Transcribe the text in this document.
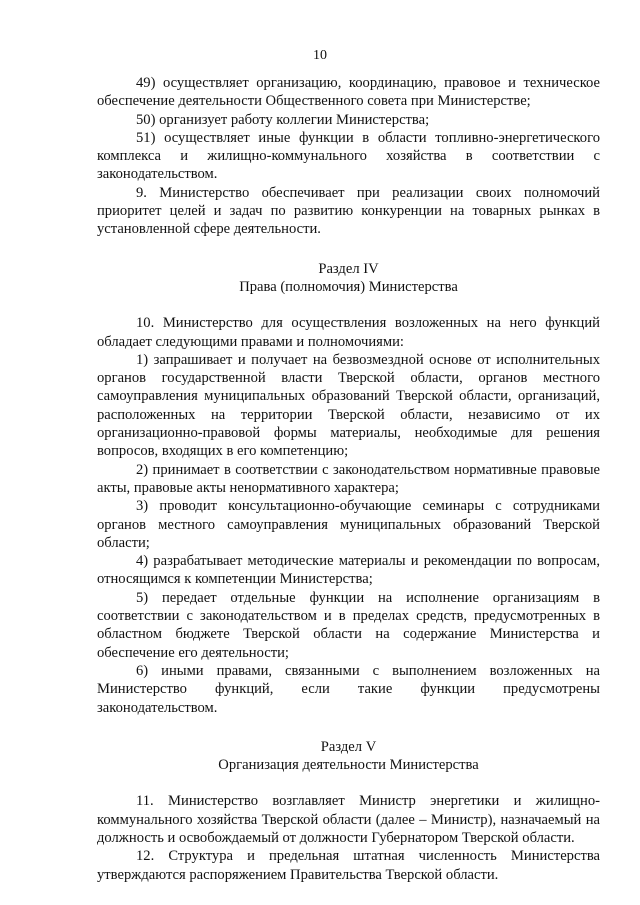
10

49) осуществляет организацию, координацию, правовое и техническое обеспечение деятельности Общественного совета при Министерстве;

50) организует работу коллегии Министерства;

51) осуществляет иные функции в области топливно-энергетического комплекса и жилищно-коммунального хозяйства в соответствии с законодательством.

9. Министерство обеспечивает при реализации своих полномочий приоритет целей и задач по развитию конкуренции на товарных рынках в установленной сфере деятельности.

Раздел IV

Права (полномочия) Министерства

10. Министерство для осуществления возложенных на него функций обладает следующими правами и полномочиями:

1) запрашивает и получает на безвозмездной основе от исполнительных органов государственной власти Тверской области, органов местного самоуправления муниципальных образований Тверской области, организаций, расположенных на территории Тверской области, независимо от их организационно-правовой формы материалы, необходимые для решения вопросов, входящих в его компетенцию;

2) принимает в соответствии с законодательством нормативные правовые акты, правовые акты ненормативного характера;

3) проводит консультационно-обучающие семинары с сотрудниками органов местного самоуправления муниципальных образований Тверской области;

4) разрабатывает методические материалы и рекомендации по вопросам, относящимся к компетенции Министерства;

5) передает отдельные функции на исполнение организациям в соответствии с законодательством и в пределах средств, предусмотренных в областном бюджете Тверской области на содержание Министерства и обеспечение его деятельности;

6) иными правами, связанными с выполнением возложенных на Министерство функций, если такие функции предусмотрены законодательством.

Раздел V

Организация деятельности Министерства

11. Министерство возглавляет Министр энергетики и жилищно-коммунального хозяйства Тверской области (далее – Министр), назначаемый на должность и освобождаемый от должности Губернатором Тверской области.

12. Структура и предельная штатная численность Министерства утверждаются распоряжением Правительства Тверской области.
